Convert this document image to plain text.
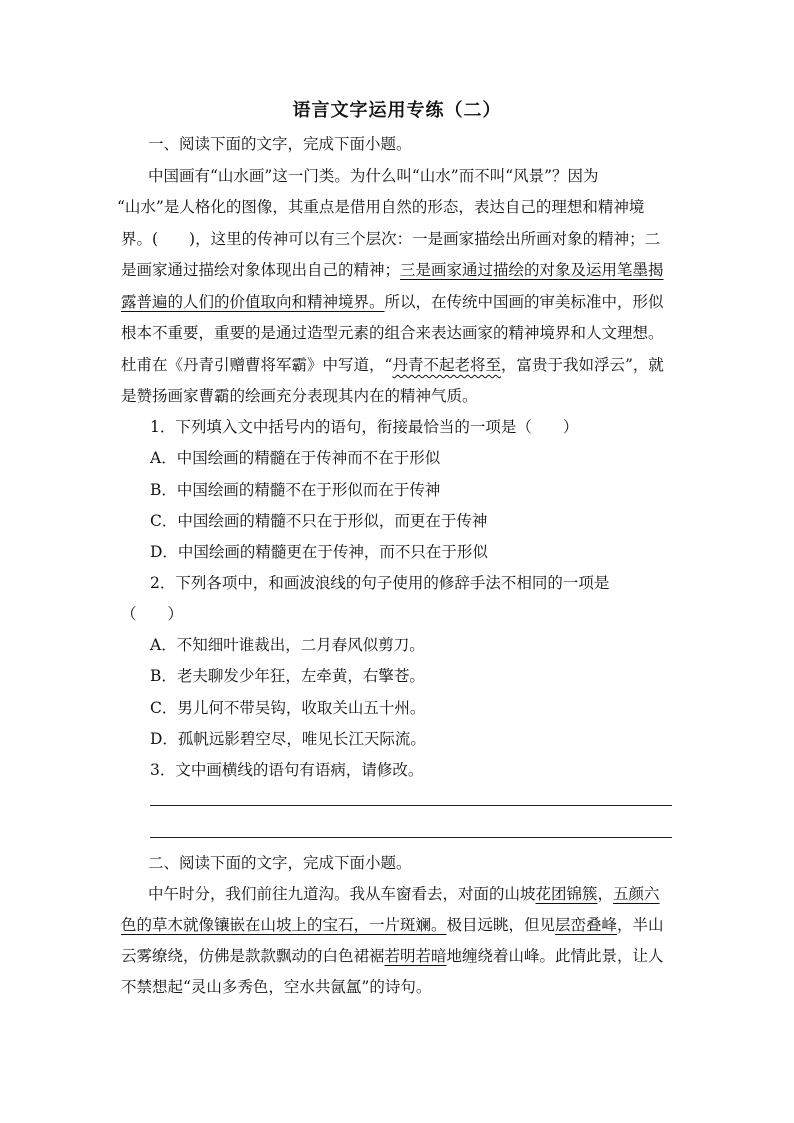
语言文字运用专练（二）
一、阅读下面的文字，完成下面小题。
中国画有“山水画”这一门类。为什么叫“山水”而不叫“风景”？因为
“山水”是人格化的图像，其重点是借用自然的形态，表达自己的理想和精神境
界。(　　)，这里的传神可以有三个层次：一是画家描绘出所画对象的精神；二
是画家通过描绘对象体现出自己的精神；三是画家通过描绘的对象及运用笔墨揭
露普遍的人们的价值取向和精神境界。所以，在传统中国画的审美标准中，形似
根本不重要，重要的是通过造型元素的组合来表达画家的精神境界和人文理想。
杜甫在《丹青引赠曹将军霸》中写道，“丹青不起老将至，富贵于我如浮云”，就
是赞扬画家曹霸的绘画充分表现其内在的精神气质。
1．下列填入文中括号内的语句，衔接最恰当的一项是（　　）
A．中国绘画的精髓在于传神而不在于形似
B．中国绘画的精髓不在于形似而在于传神
C．中国绘画的精髓不只在于形似，而更在于传神
D．中国绘画的精髓更在于传神，而不只在于形似
2．下列各项中，和画波浪线的句子使用的修辞手法不相同的一项是
（　　）
A．不知细叶谁裁出，二月春风似剪刀。
B．老夫聊发少年狂，左牵黄，右擎苍。
C．男儿何不带吴钩，收取关山五十州。
D．孤帆远影碧空尽，唯见长江天际流。
3．文中画横线的语句有语病，请修改。
二、阅读下面的文字，完成下面小题。
中午时分，我们前往九道沟。我从车窗看去，对面的山坡花团锦簇，五颜六
色的草木就像镶嵌在山坡上的宝石，一片斑斓。极目远眺，但见层峦叠峰，半山
云雾缭绕，仿佛是款款飘动的白色裙裾若明若暗地缠绕着山峰。此情此景，让人
不禁想起“灵山多秀色，空水共氤氲”的诗句。
